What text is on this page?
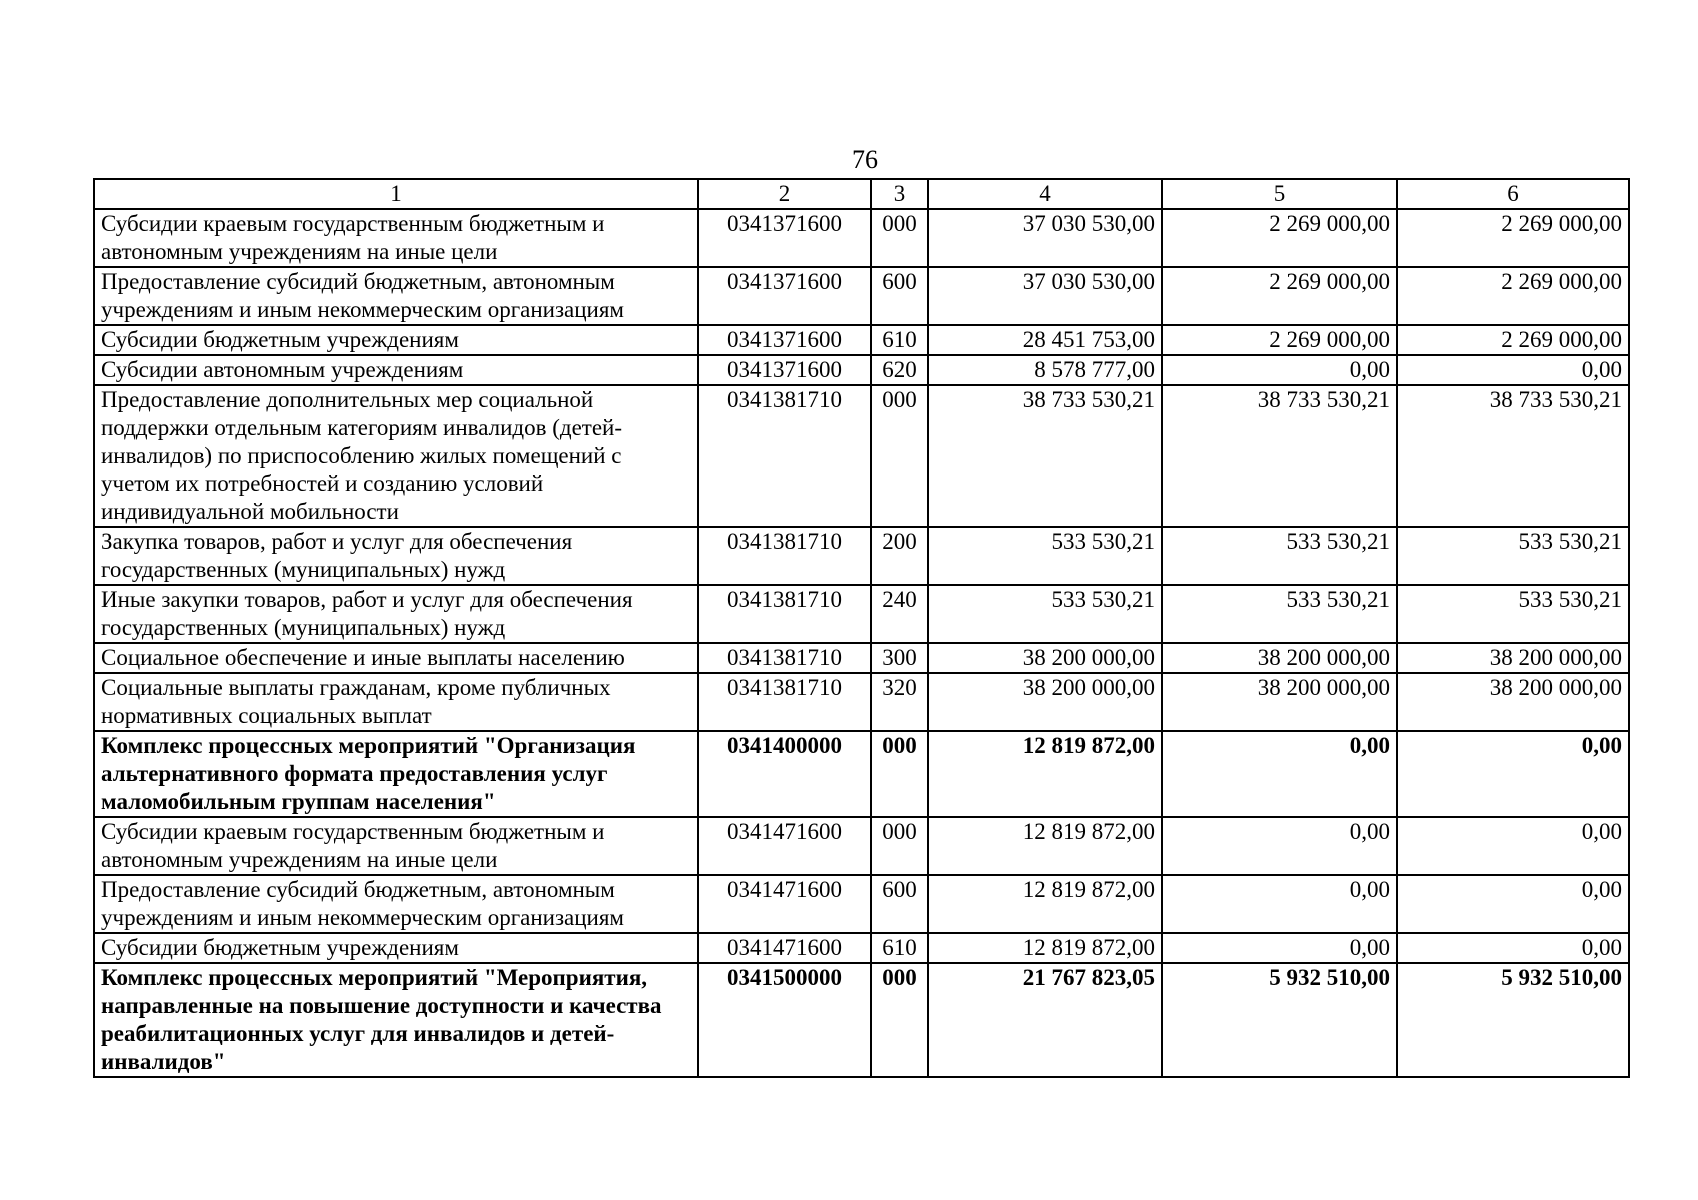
76
1	2	3	4	5	6
Субсидии краевым государственным бюджетным и автономным учреждениям на иные цели	0341371600	000	37 030 530,00	2 269 000,00	2 269 000,00
Предоставление субсидий бюджетным, автономным учреждениям и иным некоммерческим организациям	0341371600	600	37 030 530,00	2 269 000,00	2 269 000,00
Субсидии бюджетным учреждениям	0341371600	610	28 451 753,00	2 269 000,00	2 269 000,00
Субсидии автономным учреждениям	0341371600	620	8 578 777,00	0,00	0,00
Предоставление дополнительных мер социальной поддержки отдельным категориям инвалидов (детей-инвалидов) по приспособлению жилых помещений с учетом их потребностей и созданию условий индивидуальной мобильности	0341381710	000	38 733 530,21	38 733 530,21	38 733 530,21
Закупка товаров, работ и услуг для обеспечения государственных (муниципальных) нужд	0341381710	200	533 530,21	533 530,21	533 530,21
Иные закупки товаров, работ и услуг для обеспечения государственных (муниципальных) нужд	0341381710	240	533 530,21	533 530,21	533 530,21
Социальное обеспечение и иные выплаты населению	0341381710	300	38 200 000,00	38 200 000,00	38 200 000,00
Социальные выплаты гражданам, кроме публичных нормативных социальных выплат	0341381710	320	38 200 000,00	38 200 000,00	38 200 000,00
Комплекс процессных мероприятий "Организация альтернативного формата предоставления услуг маломобильным группам населения"	0341400000	000	12 819 872,00	0,00	0,00
Субсидии краевым государственным бюджетным и автономным учреждениям на иные цели	0341471600	000	12 819 872,00	0,00	0,00
Предоставление субсидий бюджетным, автономным учреждениям и иным некоммерческим организациям	0341471600	600	12 819 872,00	0,00	0,00
Субсидии бюджетным учреждениям	0341471600	610	12 819 872,00	0,00	0,00
Комплекс процессных мероприятий "Мероприятия, направленные на повышение доступности и качества реабилитационных услуг для инвалидов и детей-инвалидов"	0341500000	000	21 767 823,05	5 932 510,00	5 932 510,00
